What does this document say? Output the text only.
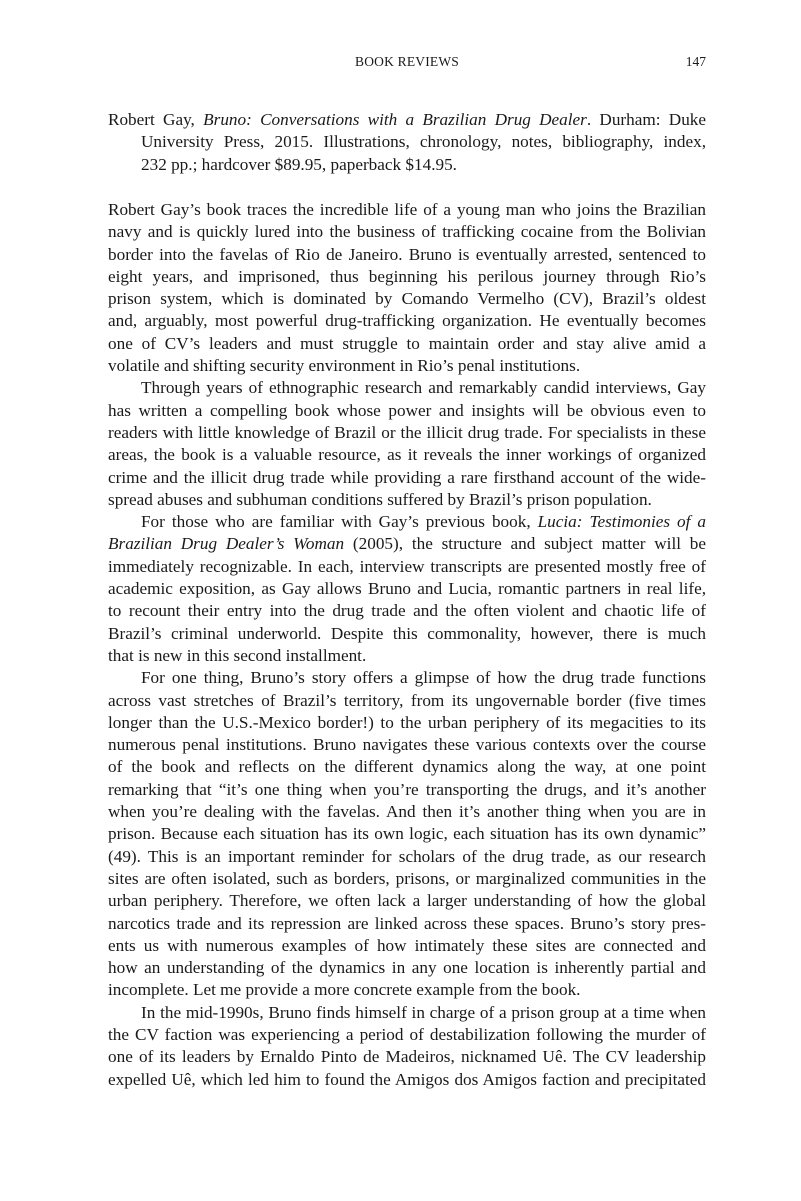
BOOK REVIEWS	147
Robert Gay, Bruno: Conversations with a Brazilian Drug Dealer. Durham: Duke
University Press, 2015. Illustrations, chronology, notes, bibliography, index,
232 pp.; hardcover $89.95, paperback $14.95.
Robert Gay’s book traces the incredible life of a young man who joins the Brazilian
navy and is quickly lured into the business of trafficking cocaine from the Bolivian
border into the favelas of Rio de Janeiro. Bruno is eventually arrested, sentenced to
eight years, and imprisoned, thus beginning his perilous journey through Rio’s
prison system, which is dominated by Comando Vermelho (CV), Brazil’s oldest
and, arguably, most powerful drug-trafficking organization. He eventually becomes
one of CV’s leaders and must struggle to maintain order and stay alive amid a
volatile and shifting security environment in Rio’s penal institutions.
Through years of ethnographic research and remarkably candid interviews, Gay
has written a compelling book whose power and insights will be obvious even to
readers with little knowledge of Brazil or the illicit drug trade. For specialists in these
areas, the book is a valuable resource, as it reveals the inner workings of organized
crime and the illicit drug trade while providing a rare firsthand account of the wide-
spread abuses and subhuman conditions suffered by Brazil’s prison population.
For those who are familiar with Gay’s previous book, Lucia: Testimonies of a
Brazilian Drug Dealer’s Woman (2005), the structure and subject matter will be
immediately recognizable. In each, interview transcripts are presented mostly free of
academic exposition, as Gay allows Bruno and Lucia, romantic partners in real life,
to recount their entry into the drug trade and the often violent and chaotic life of
Brazil’s criminal underworld. Despite this commonality, however, there is much
that is new in this second installment.
For one thing, Bruno’s story offers a glimpse of how the drug trade functions
across vast stretches of Brazil’s territory, from its ungovernable border (five times
longer than the U.S.-Mexico border!) to the urban periphery of its megacities to its
numerous penal institutions. Bruno navigates these various contexts over the course
of the book and reflects on the different dynamics along the way, at one point
remarking that “it’s one thing when you’re transporting the drugs, and it’s another
when you’re dealing with the favelas. And then it’s another thing when you are in
prison. Because each situation has its own logic, each situation has its own dynamic”
(49). This is an important reminder for scholars of the drug trade, as our research
sites are often isolated, such as borders, prisons, or marginalized communities in the
urban periphery. Therefore, we often lack a larger understanding of how the global
narcotics trade and its repression are linked across these spaces. Bruno’s story pres-
ents us with numerous examples of how intimately these sites are connected and
how an understanding of the dynamics in any one location is inherently partial and
incomplete. Let me provide a more concrete example from the book.
In the mid-1990s, Bruno finds himself in charge of a prison group at a time when
the CV faction was experiencing a period of destabilization following the murder of
one of its leaders by Ernaldo Pinto de Madeiros, nicknamed Uê. The CV leadership
expelled Uê, which led him to found the Amigos dos Amigos faction and precipitated
